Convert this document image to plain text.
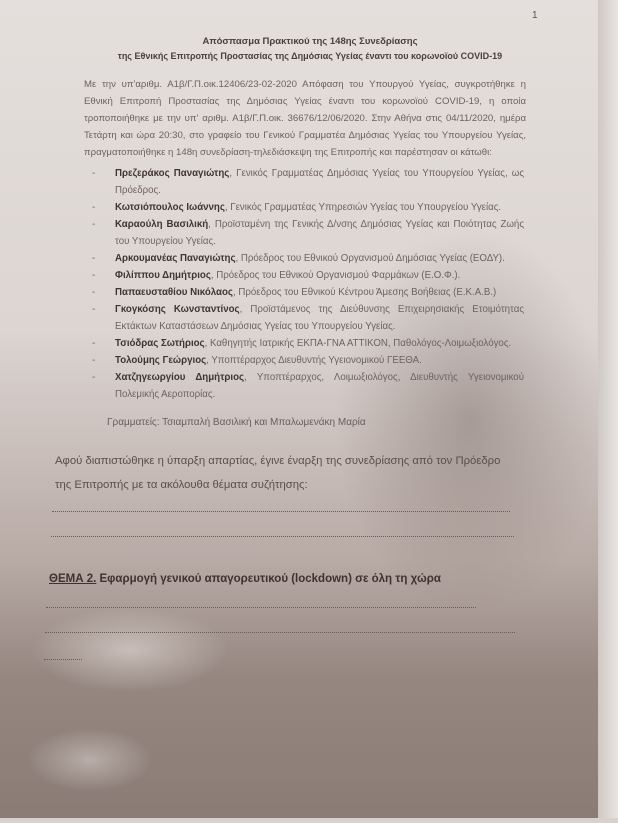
1
Απόσπασμα Πρακτικού της 148ης Συνεδρίασης
της Εθνικής Επιτροπής Προστασίας της Δημόσιας Υγείας έναντι του κορωνοϊού COVID-19
Με την υπ'αριθμ. Α1β/Γ.Π.οικ.12406/23-02-2020 Απόφαση του Υπουργού Υγείας, συγκροτήθηκε η Εθνική Επιτροπή Προστασίας της Δημόσιας Υγείας έναντι του κορωνοϊού COVID-19, η οποία τροποποιήθηκε με την υπ' αριθμ. Α1β/Γ.Π.οικ. 36676/12/06/2020. Στην Αθήνα στις 04/11/2020, ημέρα Τετάρτη και ώρα 20:30, στο γραφείο του Γενικού Γραμματέα Δημόσιας Υγείας του Υπουργείου Υγείας, πραγματοποιήθηκε η 148η συνεδρίαση-τηλεδιάσκεψη της Επιτροπής και παρέστησαν οι κάτωθι:
- Πρεζεράκος Παναγιώτης, Γενικός Γραμματέας Δημόσιας Υγείας του Υπουργείου Υγείας, ως Πρόεδρος.
- Κωτσιόπουλος Ιωάννης, Γενικός Γραμματέας Υπηρεσιών Υγείας του Υπουργείου Υγείας.
- Καραούλη Βασιλική, Προϊσταμένη της Γενικής Δ/νσης Δημόσιας Υγείας και Ποιότητας Ζωής του Υπουργείου Υγείας.
- Αρκουμανέας Παναγιώτης, Πρόεδρος του Εθνικού Οργανισμού Δημόσιας Υγείας (ΕΟΔΥ).
- Φιλίππου Δημήτριος, Πρόεδρος του Εθνικού Οργανισμού Φαρμάκων (Ε.Ο.Φ.).
- Παπαευσταθίου Νικόλαος, Πρόεδρος του Εθνικού Κέντρου Άμεσης Βοήθειας (Ε.Κ.Α.Β.)
- Γκογκόσης Κωνσταντίνος, Προϊστάμενος της Διεύθυνσης Επιχειρησιακής Ετοιμότητας Εκτάκτων Καταστάσεων Δημόσιας Υγείας του Υπουργείου Υγείας.
- Τσιόδρας Σωτήριος, Καθηγητής Ιατρικής ΕΚΠΑ-ΓΝΑ ΑΤΤΙΚΟΝ, Παθολόγος-Λοιμωξιολόγος.
- Τολούμης Γεώργιος, Υποπτέραρχος Διευθυντής Υγειονομικού ΓΕΕΘΑ.
- Χατζηγεωργίου Δημήτριος, Υποπτέραρχος, Λοιμωξιολόγος, Διευθυντής Υγειονομικού Πολεμικής Αεροπορίας.
Γραμματείς: Τσιαμπαλή Βασιλική και Μπαλωμενάκη Μαρία
Αφού διαπιστώθηκε η ύπαρξη απαρτίας, έγινε έναρξη της συνεδρίασης από τον Πρόεδρο
της Επιτροπής με τα ακόλουθα θέματα συζήτησης:
ΘΕΜΑ 2. Εφαρμογή γενικού απαγορευτικού (lockdown) σε όλη τη χώρα
